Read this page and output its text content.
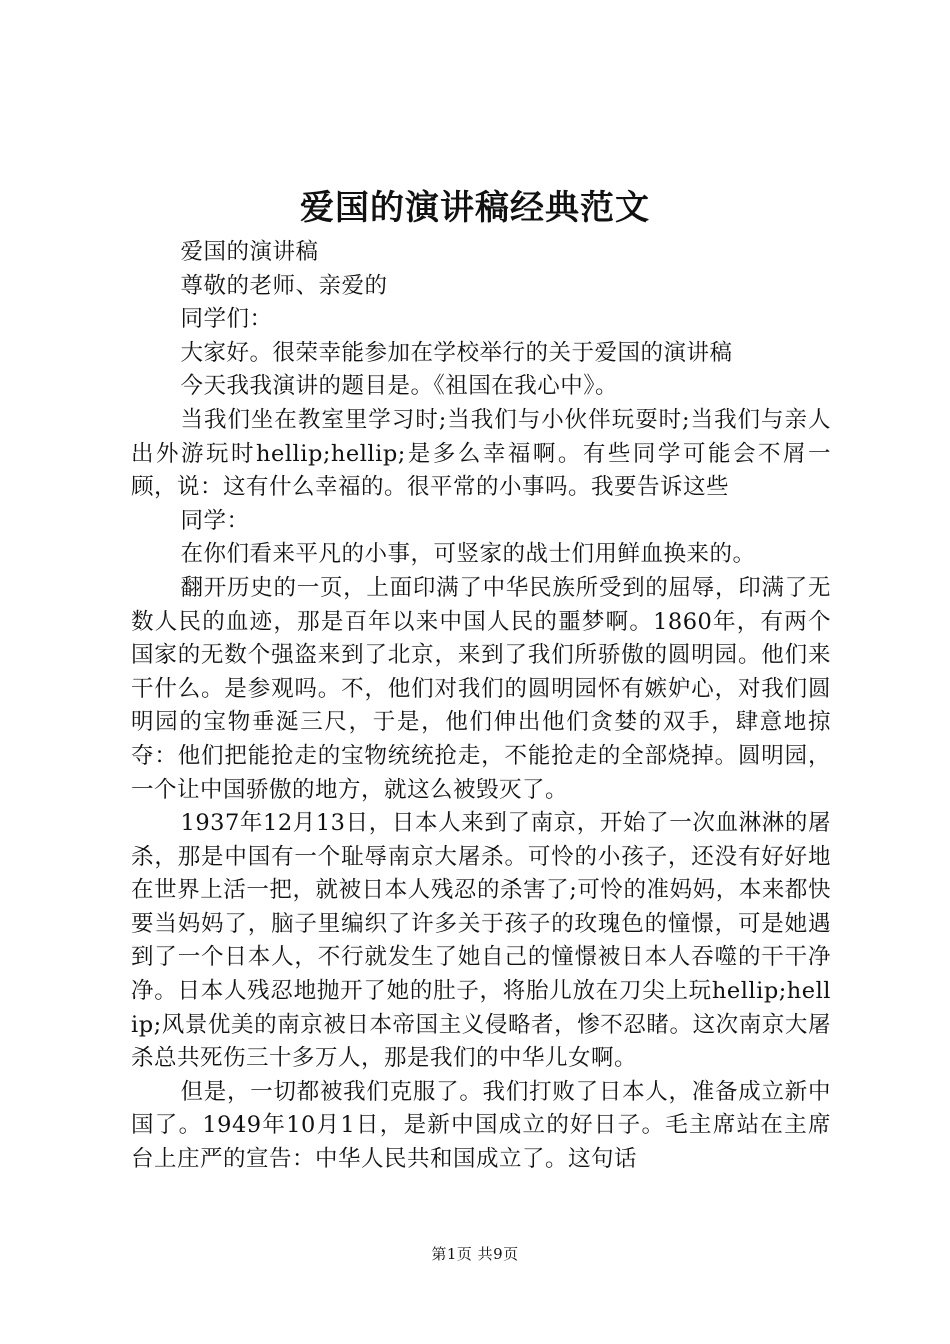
爱国的演讲稿经典范文

爱国的演讲稿

尊敬的老师、亲爱的

同学们：

大家好。很荣幸能参加在学校举行的关于爱国的演讲稿

今天我我演讲的题目是。《祖国在我心中》。

当我们坐在教室里学习时;当我们与小伙伴玩耍时;当我们与亲人出外游玩时hellip;hellip;是多么幸福啊。有些同学可能会不屑一顾，说：这有什么幸福的。很平常的小事吗。我要告诉这些

同学：

在你们看来平凡的小事，可竖家的战士们用鲜血换来的。

翻开历史的一页，上面印满了中华民族所受到的屈辱，印满了无数人民的血迹，那是百年以来中国人民的噩梦啊。1860年，有两个国家的无数个强盗来到了北京，来到了我们所骄傲的圆明园。他们来干什么。是参观吗。不，他们对我们的圆明园怀有嫉妒心，对我们圆明园的宝物垂涎三尺，于是，他们伸出他们贪婪的双手，肆意地掠夺：他们把能抢走的宝物统统抢走，不能抢走的全部烧掉。圆明园，一个让中国骄傲的地方，就这么被毁灭了。

1937年12月13日，日本人来到了南京，开始了一次血淋淋的屠杀，那是中国有一个耻辱南京大屠杀。可怜的小孩子，还没有好好地在世界上活一把，就被日本人残忍的杀害了;可怜的准妈妈，本来都快要当妈妈了，脑子里编织了许多关于孩子的玫瑰色的憧憬，可是她遇到了一个日本人，不行就发生了她自己的憧憬被日本人吞噬的干干净净。日本人残忍地抛开了她的肚子，将胎儿放在刀尖上玩hellip;hellip;风景优美的南京被日本帝国主义侵略者，惨不忍睹。这次南京大屠杀总共死伤三十多万人，那是我们的中华儿女啊。

但是，一切都被我们克服了。我们打败了日本人，准备成立新中国了。1949年10月1日，是新中国成立的好日子。毛主席站在主席台上庄严的宣告：中华人民共和国成立了。这句话

第1页 共9页
